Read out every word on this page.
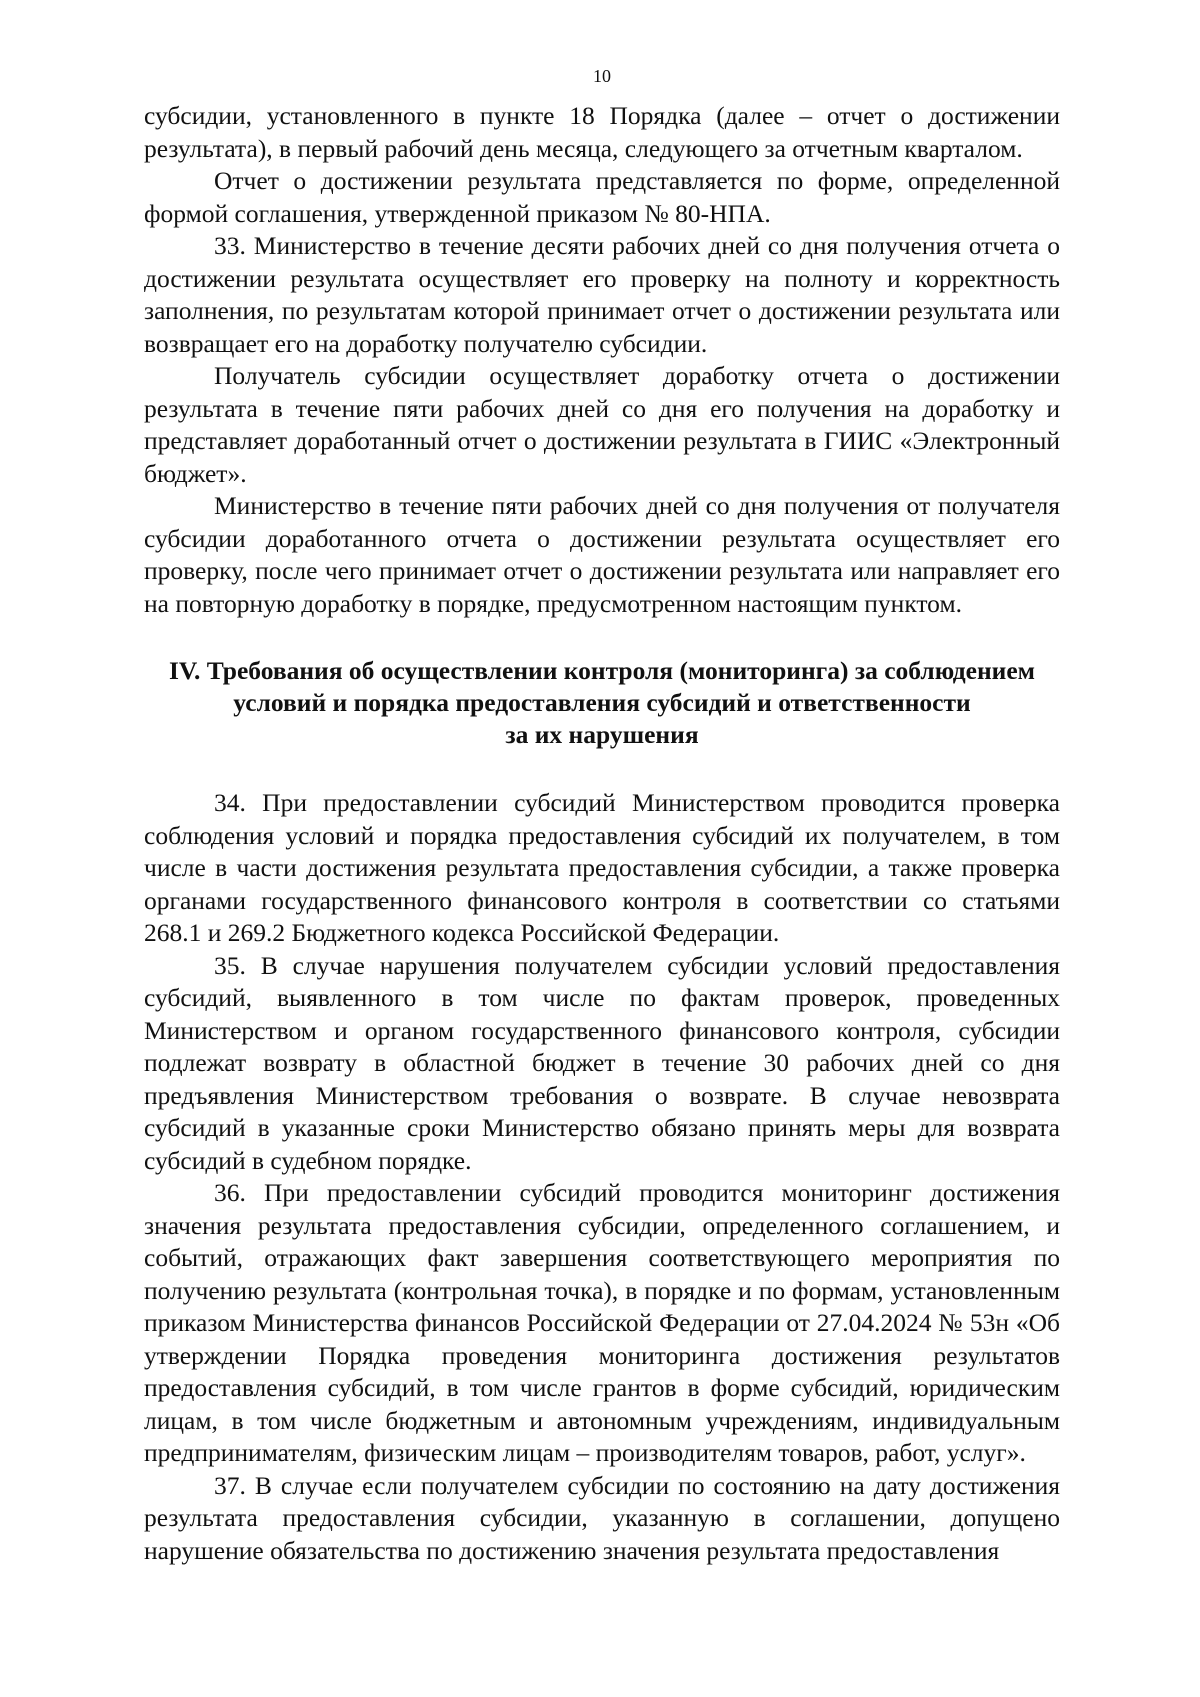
10

субсидии, установленного в пункте 18 Порядка (далее – отчет о достижении результата), в первый рабочий день месяца, следующего за отчетным кварталом.

Отчет о достижении результата представляется по форме, определенной формой соглашения, утвержденной приказом № 80-НПА.

33. Министерство в течение десяти рабочих дней со дня получения отчета о достижении результата осуществляет его проверку на полноту и корректность заполнения, по результатам которой принимает отчет о достижении результата или возвращает его на доработку получателю субсидии.

Получатель субсидии осуществляет доработку отчета о достижении результата в течение пяти рабочих дней со дня его получения на доработку и представляет доработанный отчет о достижении результата в ГИИС «Электронный бюджет».

Министерство в течение пяти рабочих дней со дня получения от получателя субсидии доработанного отчета о достижении результата осуществляет его проверку, после чего принимает отчет о достижении результата или направляет его на повторную доработку в порядке, предусмотренном настоящим пунктом.

IV. Требования об осуществлении контроля (мониторинга) за соблюдением
условий и порядка предоставления субсидий и ответственности
за их нарушения

34. При предоставлении субсидий Министерством проводится проверка соблюдения условий и порядка предоставления субсидий их получателем, в том числе в части достижения результата предоставления субсидии, а также проверка органами государственного финансового контроля в соответствии со статьями 268.1 и 269.2 Бюджетного кодекса Российской Федерации.

35. В случае нарушения получателем субсидии условий предоставления субсидий, выявленного в том числе по фактам проверок, проведенных Министерством и органом государственного финансового контроля, субсидии подлежат возврату в областной бюджет в течение 30 рабочих дней со дня предъявления Министерством требования о возврате. В случае невозврата субсидий в указанные сроки Министерство обязано принять меры для возврата субсидий в судебном порядке.

36. При предоставлении субсидий проводится мониторинг достижения значения результата предоставления субсидии, определенного соглашением, и событий, отражающих факт завершения соответствующего мероприятия по получению результата (контрольная точка), в порядке и по формам, установленным приказом Министерства финансов Российской Федерации от 27.04.2024 № 53н «Об утверждении Порядка проведения мониторинга достижения результатов предоставления субсидий, в том числе грантов в форме субсидий, юридическим лицам, в том числе бюджетным и автономным учреждениям, индивидуальным предпринимателям, физическим лицам – производителям товаров, работ, услуг».

37. В случае если получателем субсидии по состоянию на дату достижения результата предоставления субсидии, указанную в соглашении, допущено нарушение обязательства по достижению значения результата предоставления
